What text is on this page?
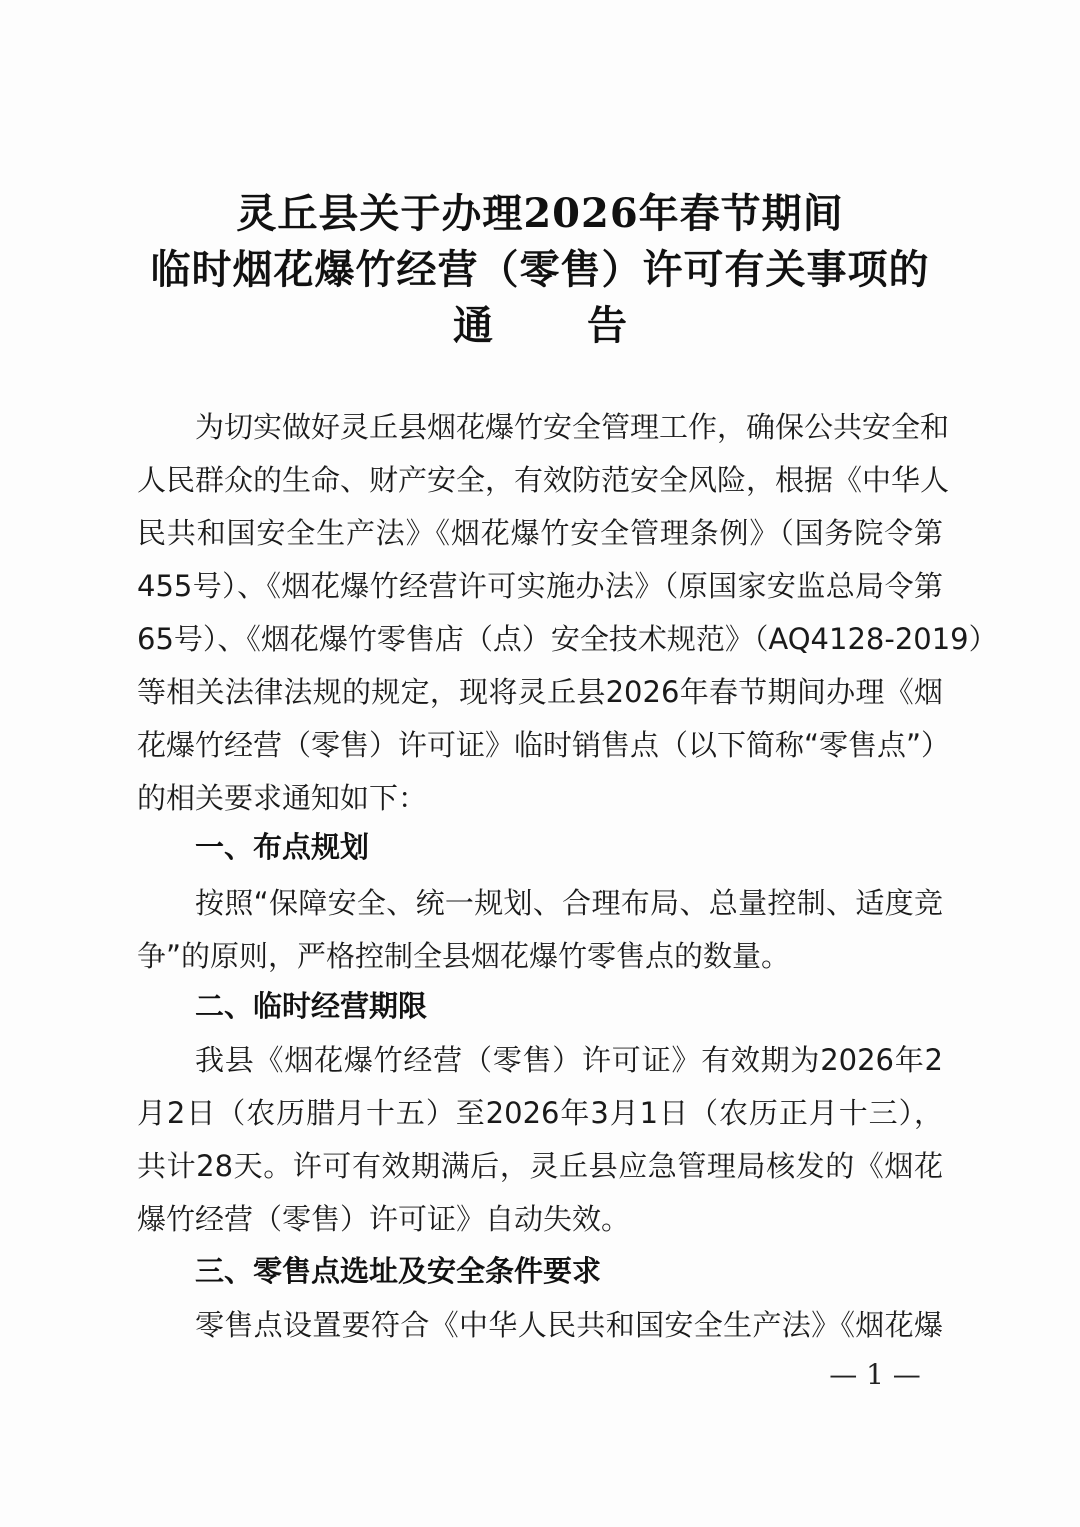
灵丘县关于办理2026年春节期间
临时烟花爆竹经营（零售）许可有关事项的
通 告
为切实做好灵丘县烟花爆竹安全管理工作，确保公共安全和
人民群众的生命、财产安全，有效防范安全风险，根据《中华人
民共和国安全生产法》《烟花爆竹安全管理条例》（国务院令第
455号）、《烟花爆竹经营许可实施办法》（原国家安监总局令第
65号）、《烟花爆竹零售店（点）安全技术规范》（AQ4128-2019）
等相关法律法规的规定，现将灵丘县2026年春节期间办理《烟
花爆竹经营（零售）许可证》临时销售点（以下简称“零售点”）
的相关要求通知如下：
一、布点规划
按照“保障安全、统一规划、合理布局、总量控制、适度竞
争”的原则，严格控制全县烟花爆竹零售点的数量。
二、临时经营期限
我县《烟花爆竹经营（零售）许可证》有效期为2026年2
月2日（农历腊月十五）至2026年3月1日（农历正月十三），
共计28天。许可有效期满后，灵丘县应急管理局核发的《烟花
爆竹经营（零售）许可证》自动失效。
三、零售点选址及安全条件要求
零售点设置要符合《中华人民共和国安全生产法》《烟花爆
— 1 —
